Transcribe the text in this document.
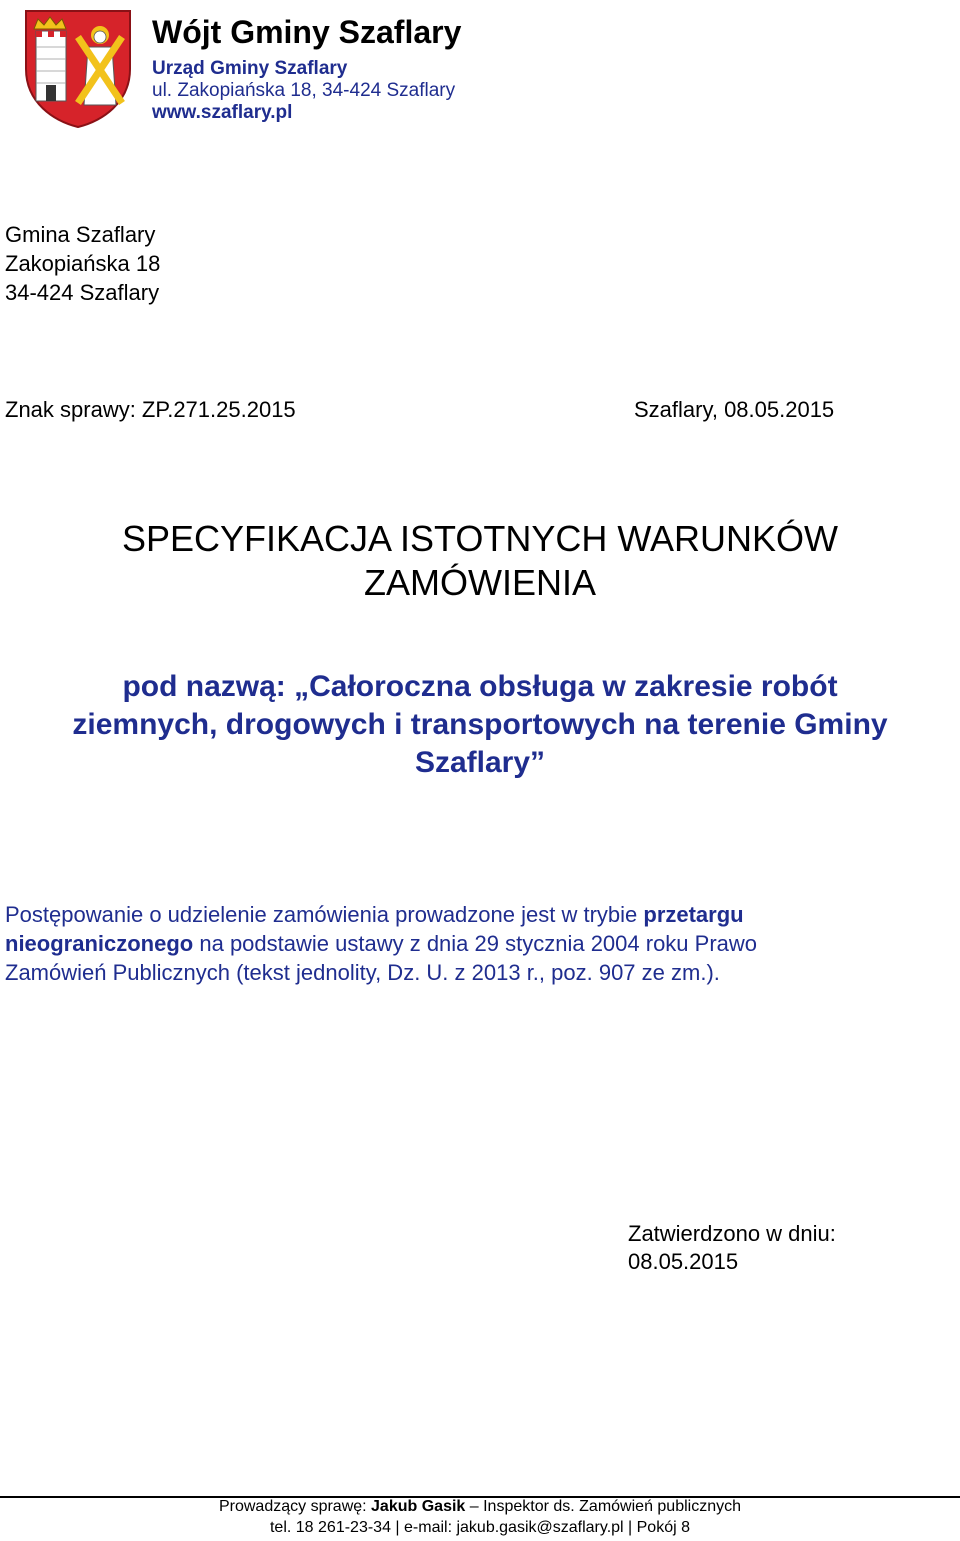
Wójt Gminy Szaflary
Urząd Gminy Szaflary
ul. Zakopiańska 18, 34-424 Szaflary
www.szaflary.pl
Gmina Szaflary
Zakopiańska 18
34-424 Szaflary
Znak sprawy: ZP.271.25.2015	Szaflary, 08.05.2015
SPECYFIKACJA ISTOTNYCH WARUNKÓW
ZAMÓWIENIA
pod nazwą: „Całoroczna obsługa w zakresie robót
ziemnych, drogowych i transportowych na terenie Gminy
Szaflary”
Postępowanie o udzielenie zamówienia prowadzone jest w trybie przetargu
nieograniczonego na podstawie ustawy z dnia 29 stycznia 2004 roku Prawo
Zamówień Publicznych (tekst jednolity, Dz. U. z 2013 r., poz. 907 ze zm.).
Zatwierdzono w dniu:
08.05.2015
Prowadzący sprawę: Jakub Gasik – Inspektor ds. Zamówień publicznych
tel. 18 261-23-34 | e-mail: jakub.gasik@szaflary.pl | Pokój 8
